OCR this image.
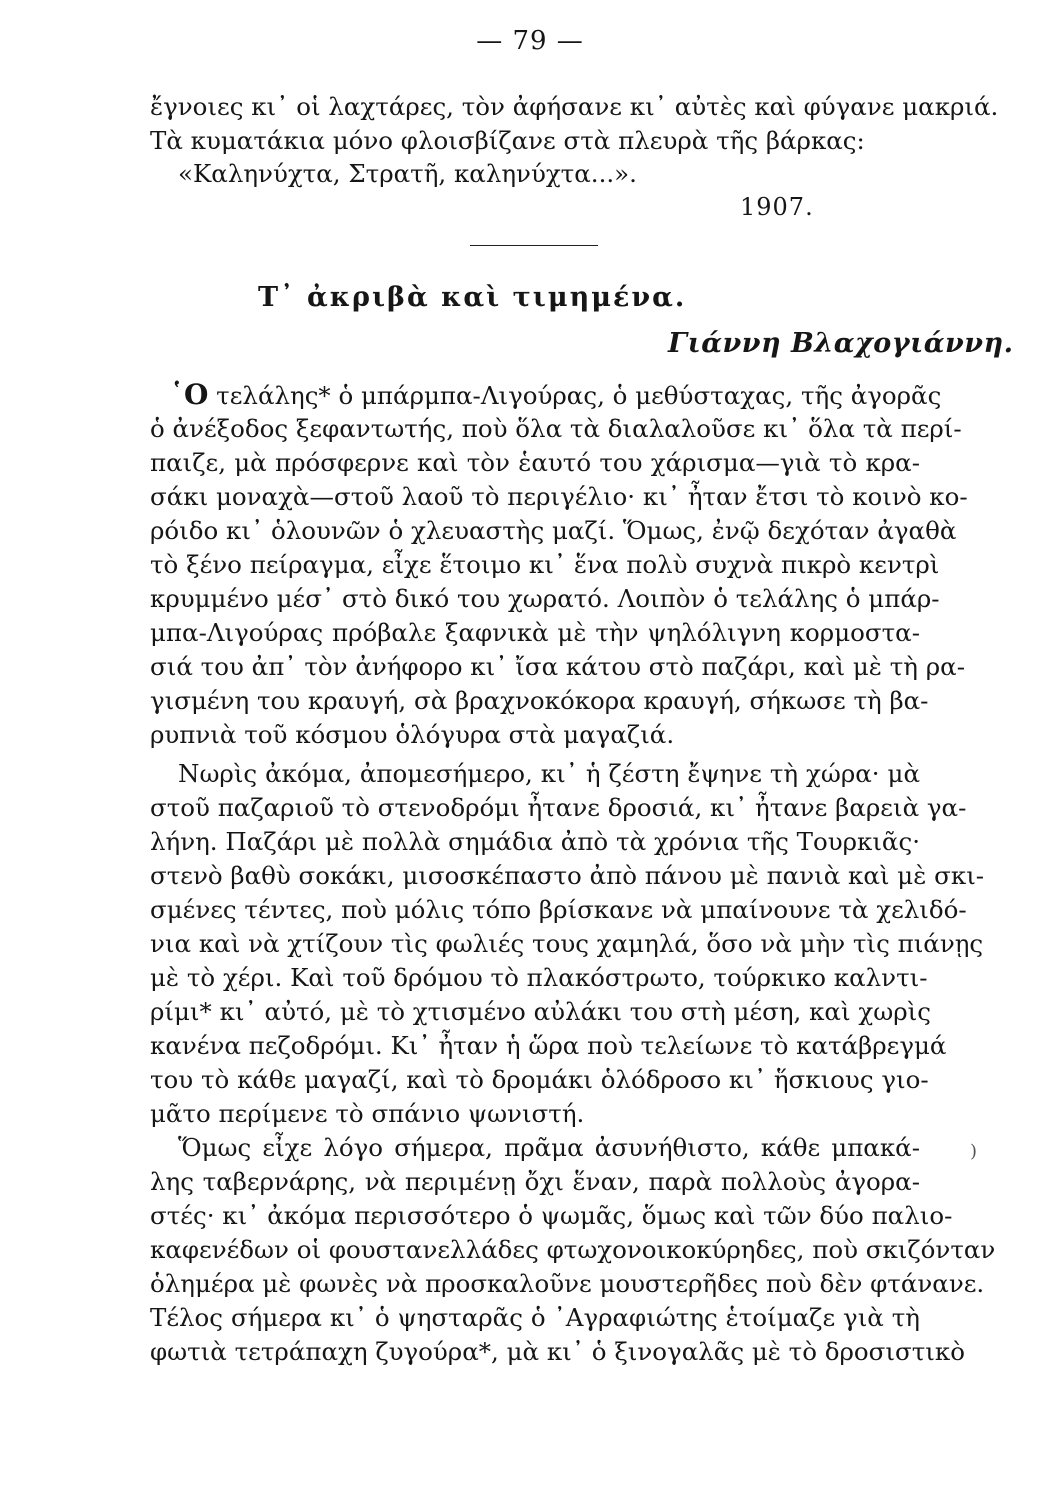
— 79 —
ἔγνοιες κι᾿ οἱ λαχτάρες, τὸν ἀφήσανε κι᾿ αὐτὲς καὶ φύγανε μακριά.
Τὰ κυματάκια μόνο φλοισβίζανε στὰ πλευρὰ τῆς βάρκας:
«Καληνύχτα, Στρατῆ, καληνύχτα...».
1907.
Τ᾿ ἀκριβὰ καὶ τιμημένα.
Γιάννη Βλαχογιάννη.
῾Ο τελάλης* ὁ μπάρμπα-Λιγούρας, ὁ μεθύσταχας, τῆς ἀγορᾶς
ὁ ἀνέξοδος ξεφαντωτής, ποὺ ὅλα τὰ διαλαλοῦσε κι᾿ ὅλα τὰ περί-
παιζε, μὰ πρόσφερνε καὶ τὸν ἑαυτό του χάρισμα—γιὰ τὸ κρα-
σάκι μοναχὰ—στοῦ λαοῦ τὸ περιγέλιο· κι᾿ ἦταν ἔτσι τὸ κοινὸ κο-
ρόιδο κι᾿ ὁλουνῶν ὁ χλευαστὴς μαζί. Ὅμως, ἐνῷ δεχόταν ἀγαθὰ
τὸ ξένο πείραγμα, εἶχε ἕτοιμο κι᾿ ἕνα πολὺ συχνὰ πικρὸ κεντρὶ
κρυμμένο μέσ᾿ στὸ δικό του χωρατό. Λοιπὸν ὁ τελάλης ὁ μπάρ-
μπα-Λιγούρας πρόβαλε ξαφνικὰ μὲ τὴν ψηλόλιγνη κορμοστα-
σιά του ἀπ᾿ τὸν ἀνήφορο κι᾿ ἴσα κάτου στὸ παζάρι, καὶ μὲ τὴ ρα-
γισμένη του κραυγή, σὰ βραχνοκόκορα κραυγή, σήκωσε τὴ βα-
ρυπνιὰ τοῦ κόσμου ὁλόγυρα στὰ μαγαζιά.
Νωρὶς ἀκόμα, ἀπομεσήμερο, κι᾿ ἡ ζέστη ἔψηνε τὴ χώρα· μὰ
στοῦ παζαριοῦ τὸ στενοδρόμι ἦτανε δροσιά, κι᾿ ἦτανε βαρειὰ γα-
λήνη. Παζάρι μὲ πολλὰ σημάδια ἀπὸ τὰ χρόνια τῆς Τουρκιᾶς·
στενὸ βαθὺ σοκάκι, μισοσκέπαστο ἀπὸ πάνου μὲ πανιὰ καὶ μὲ σκι-
σμένες τέντες, ποὺ μόλις τόπο βρίσκανε νὰ μπαίνουνε τὰ χελιδό-
νια καὶ νὰ χτίζουν τὶς φωλιές τους χαμηλά, ὅσο νὰ μὴν τὶς πιάνῃς
μὲ τὸ χέρι. Καὶ τοῦ δρόμου τὸ πλακόστρωτο, τούρκικο καλντι-
ρίμι* κι᾿ αὐτό, μὲ τὸ χτισμένο αὐλάκι του στὴ μέση, καὶ χωρὶς
κανένα πεζοδρόμι. Κι᾿ ἦταν ἡ ὥρα ποὺ τελείωνε τὸ κατάβρεγμά
του τὸ κάθε μαγαζί, καὶ τὸ δρομάκι ὁλόδροσο κι᾿ ἥσκιους γιο-
μᾶτο περίμενε τὸ σπάνιο ψωνιστή.
Ὅμως εἶχε λόγο σήμερα, πρᾶμα ἀσυνήθιστο, κάθε μπακά-
λης ταβερνάρης, νὰ περιμένῃ ὄχι ἕναν, παρὰ πολλοὺς ἀγορα-
στές· κι᾿ ἀκόμα περισσότερο ὁ ψωμᾶς, ὅμως καὶ τῶν δύο παλιο-
καφενέδων οἱ φουστανελλάδες φτωχονοικοκύρηδες, ποὺ σκιζόνταν
ὁλημέρα μὲ φωνὲς νὰ προσκαλοῦνε μουστερῆδες ποὺ δὲν φτάνανε.
Τέλος σήμερα κι᾿ ὁ ψησταρᾶς ὁ ᾿Αγραφιώτης ἑτοίμαζε γιὰ τὴ
φωτιὰ τετράπαχη ζυγούρα*, μὰ κι᾿ ὁ ξινογαλᾶς μὲ τὸ δροσιστικὸ
)
